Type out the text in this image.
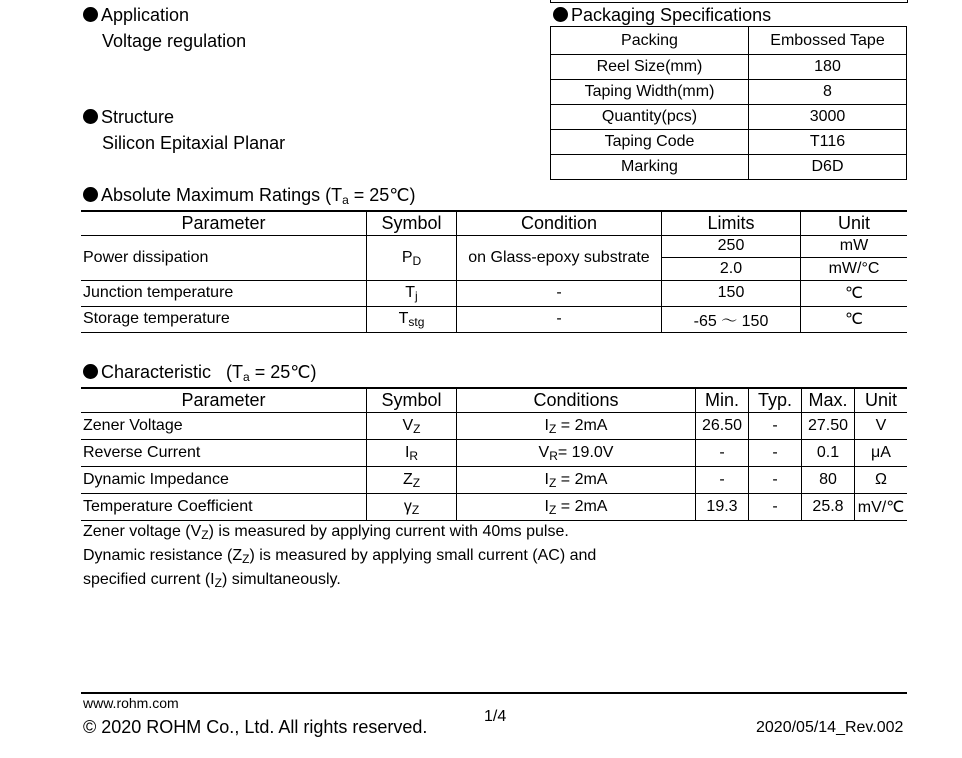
Application
Voltage regulation
Structure
Silicon Epitaxial Planar
Packaging Specifications
Packing	Embossed Tape
Reel Size(mm)	180
Taping Width(mm)	8
Quantity(pcs)	3000
Taping Code	T116
Marking	D6D
Absolute Maximum Ratings ($T_a$ = 25℃)
Parameter	Symbol	Condition	Limits	Unit
Power dissipation	$P_D$	on Glass-epoxy substrate	250	mW
			2.0	mW/°C
Junction temperature	$T_j$	-	150	℃
Storage temperature	$T_{stg}$	-	-65 ～ 150	℃
Characteristic   ($T_a$ = 25℃)
Parameter	Symbol	Conditions	Min.	Typ.	Max.	Unit
Zener Voltage	$V_Z$	$I_Z = 2mA$	26.50	-	27.50	V
Reverse Current	$I_R$	$V_R= 19.0V$	-	-	0.1	μA
Dynamic Impedance	$Z_Z$	$I_Z = 2mA$	-	-	80	Ω
Temperature Coefficient	$\gamma_Z$	$I_Z = 2mA$	19.3	-	25.8	mV/℃
Zener voltage $(V_Z)$ is measured by applying current with 40ms pulse.
Dynamic resistance $(Z_Z)$ is measured by applying small current (AC) and
specified current $(I_Z)$ simultaneously.
www.rohm.com
© 2020 ROHM Co., Ltd. All rights reserved.
1/4
2020/05/14_Rev.002
